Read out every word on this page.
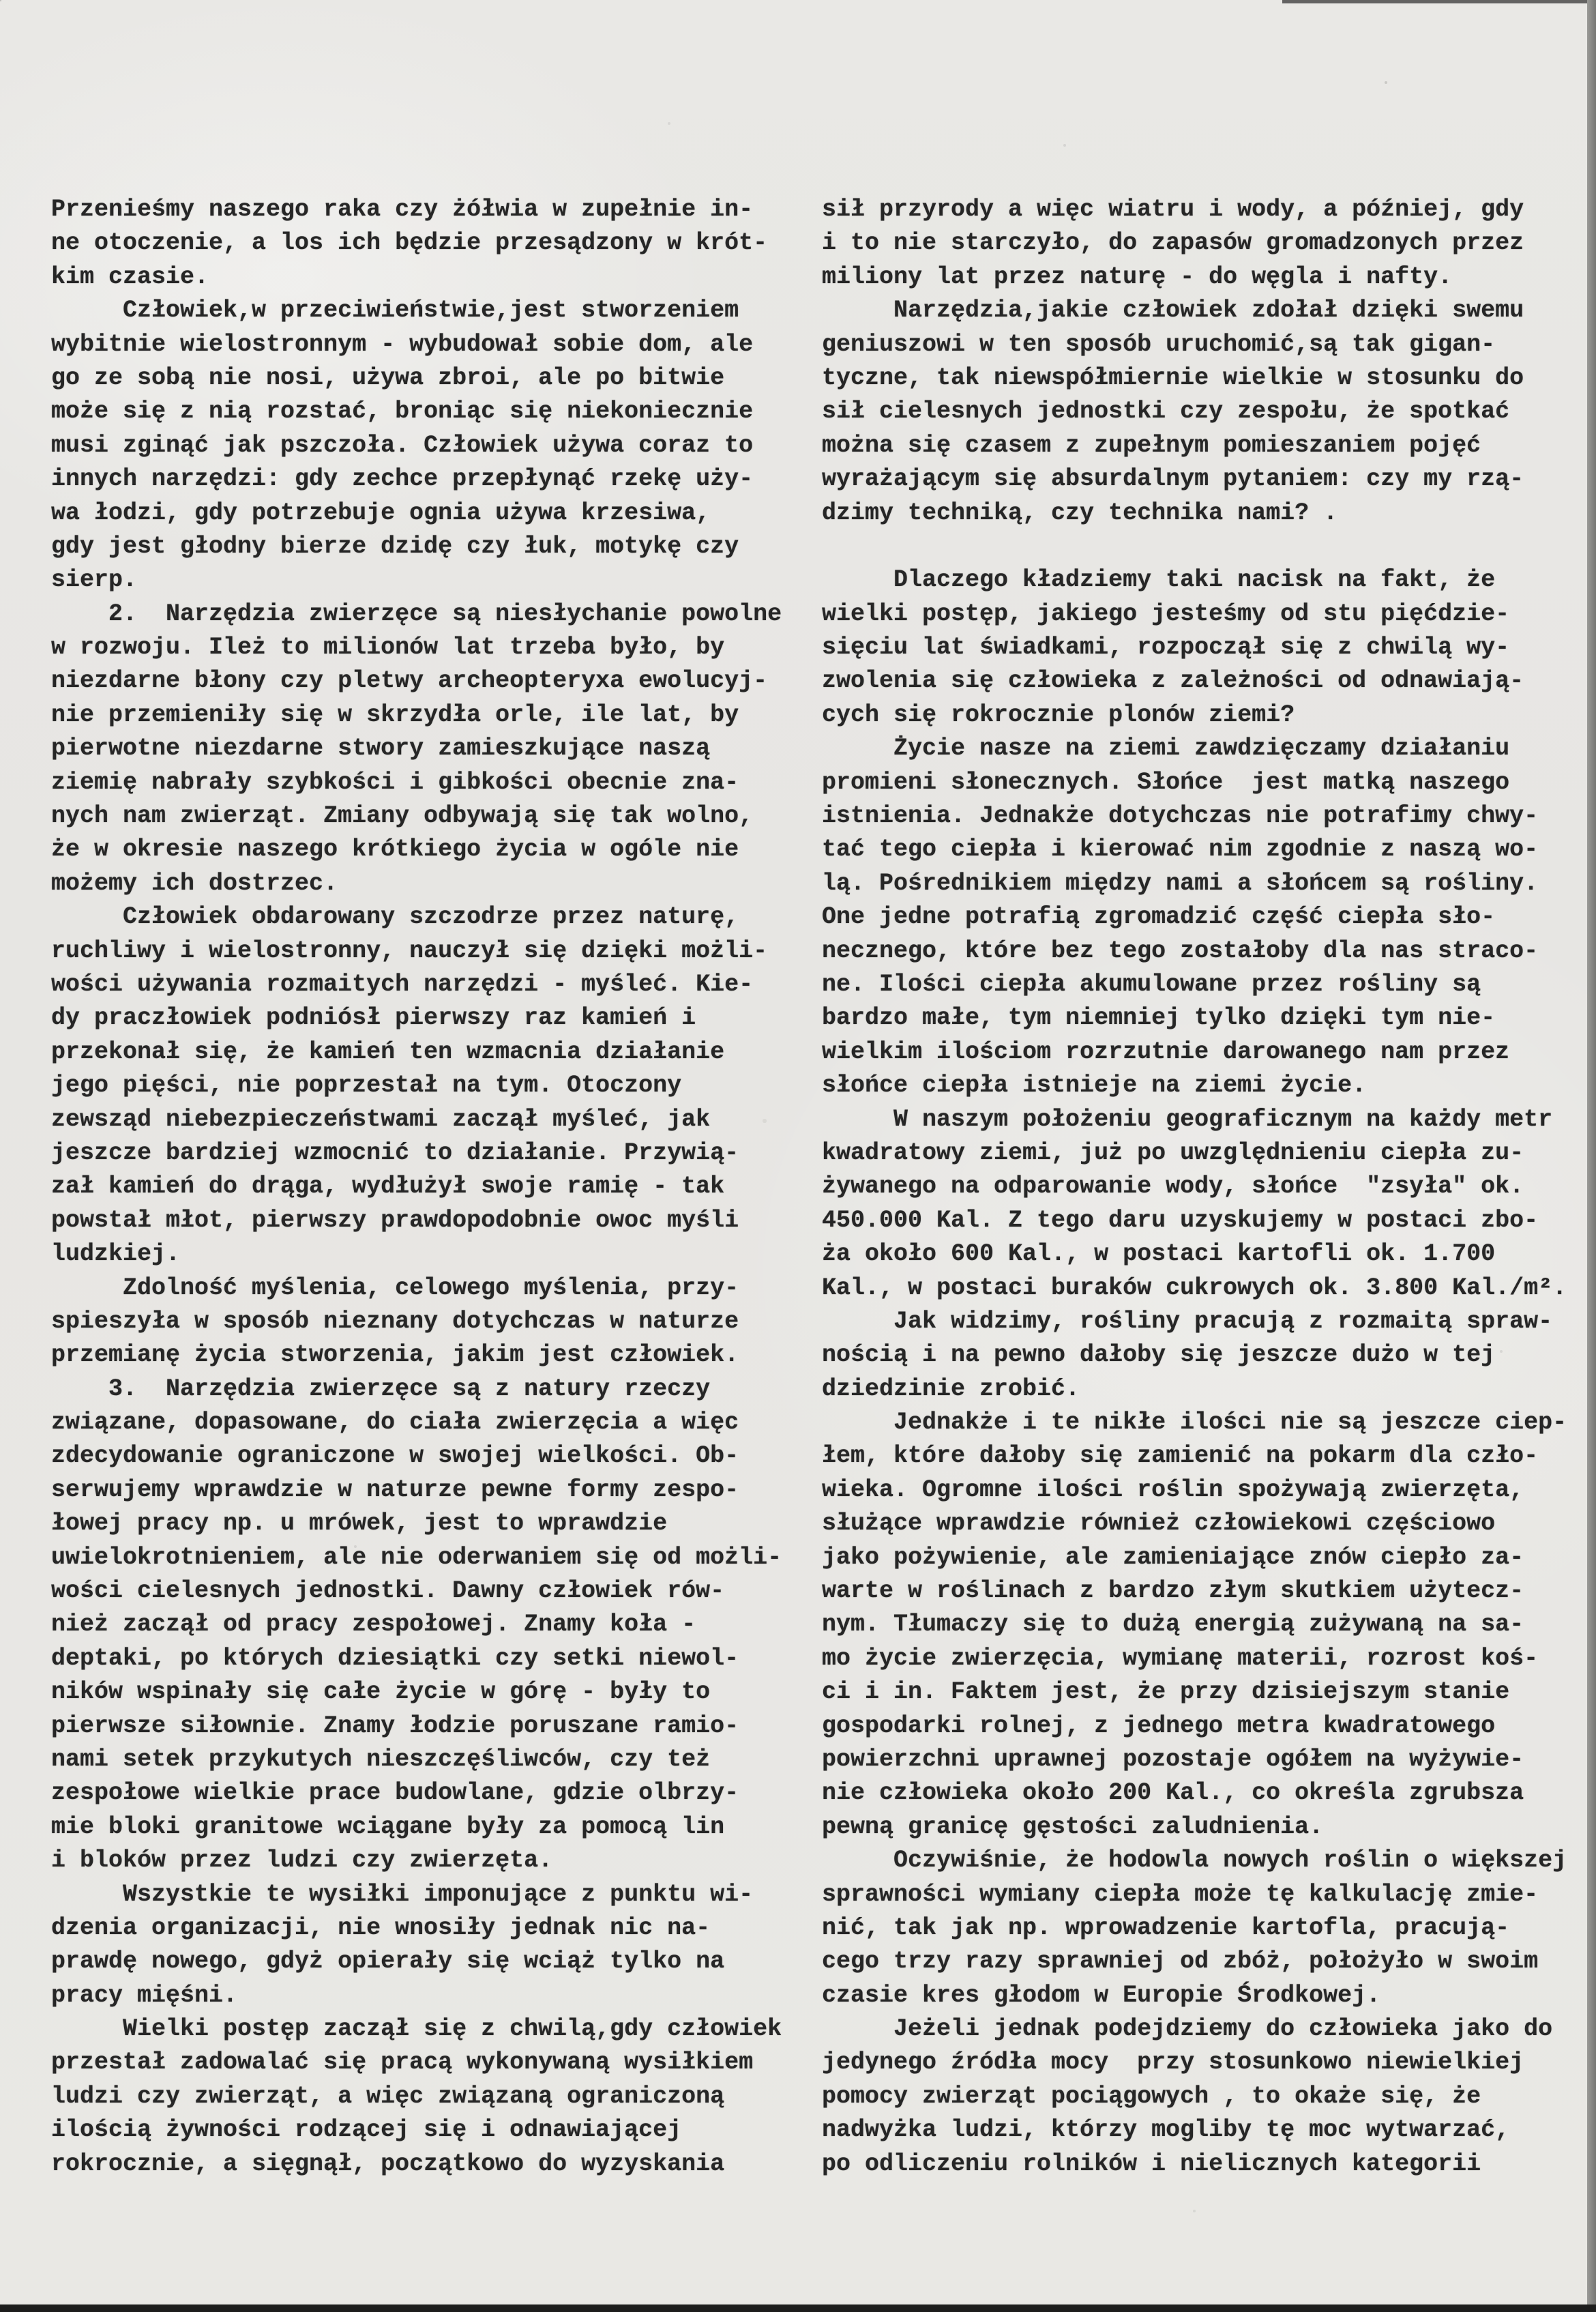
Przenieśmy naszego raka czy żółwia w zupełnie in-
ne otoczenie, a los ich będzie przesądzony w krót-
kim czasie.
Człowiek,w przeciwieństwie,jest stworzeniem
wybitnie wielostronnym - wybudował sobie dom, ale
go ze sobą nie nosi, używa zbroi, ale po bitwie
może się z nią rozstać, broniąc się niekoniecznie
musi zginąć jak pszczoła. Człowiek używa coraz to
innych narzędzi: gdy zechce przepłynąć rzekę uży-
wa łodzi, gdy potrzebuje ognia używa krzesiwa,
gdy jest głodny bierze dzidę czy łuk, motykę czy
sierp.
2.  Narzędzia zwierzęce są niesłychanie powolne
w rozwoju. Ileż to milionów lat trzeba było, by
niezdarne błony czy pletwy archeopteryxa ewolucyj-
nie przemieniły się w skrzydła orle, ile lat, by
pierwotne niezdarne stwory zamieszkujące naszą
ziemię nabrały szybkości i gibkości obecnie zna-
nych nam zwierząt. Zmiany odbywają się tak wolno,
że w okresie naszego krótkiego życia w ogóle nie
możemy ich dostrzec.
Człowiek obdarowany szczodrze przez naturę,
ruchliwy i wielostronny, nauczył się dzięki możli-
wości używania rozmaitych narzędzi - myśleć. Kie-
dy praczłowiek podniósł pierwszy raz kamień i
przekonał się, że kamień ten wzmacnia działanie
jego pięści, nie poprzestał na tym. Otoczony
zewsząd niebezpieczeństwami zaczął myśleć, jak
jeszcze bardziej wzmocnić to działanie. Przywią-
zał kamień do drąga, wydłużył swoje ramię - tak
powstał młot, pierwszy prawdopodobnie owoc myśli
ludzkiej.
Zdolność myślenia, celowego myślenia, przy-
spieszyła w sposób nieznany dotychczas w naturze
przemianę życia stworzenia, jakim jest człowiek.
3.  Narzędzia zwierzęce są z natury rzeczy
związane, dopasowane, do ciała zwierzęcia a więc
zdecydowanie ograniczone w swojej wielkości. Ob-
serwujemy wprawdzie w naturze pewne formy zespo-
łowej pracy np. u mrówek, jest to wprawdzie
uwielokrotnieniem, ale nie oderwaniem się od możli-
wości cielesnych jednostki. Dawny człowiek rów-
nież zaczął od pracy zespołowej. Znamy koła -
deptaki, po których dziesiątki czy setki niewol-
ników wspinały się całe życie w górę - były to
pierwsze siłownie. Znamy łodzie poruszane ramio-
nami setek przykutych nieszczęśliwców, czy też
zespołowe wielkie prace budowlane, gdzie olbrzy-
mie bloki granitowe wciągane były za pomocą lin
i bloków przez ludzi czy zwierzęta.
Wszystkie te wysiłki imponujące z punktu wi-
dzenia organizacji, nie wnosiły jednak nic na-
prawdę nowego, gdyż opierały się wciąż tylko na
pracy mięśni.
Wielki postęp zaczął się z chwilą,gdy człowiek
przestał zadowalać się pracą wykonywaną wysiłkiem
ludzi czy zwierząt, a więc związaną ograniczoną
ilością żywności rodzącej się i odnawiającej
rokrocznie, a sięgnął, początkowo do wyzyskania
sił przyrody a więc wiatru i wody, a później, gdy
i to nie starczyło, do zapasów gromadzonych przez
miliony lat przez naturę - do węgla i nafty.
Narzędzia,jakie człowiek zdołał dzięki swemu
geniuszowi w ten sposób uruchomić,są tak gigan-
tyczne, tak niewspółmiernie wielkie w stosunku do
sił cielesnych jednostki czy zespołu, że spotkać
można się czasem z zupełnym pomieszaniem pojęć
wyrażającym się absurdalnym pytaniem: czy my rzą-
dzimy techniką, czy technika nami? .

Dlaczego kładziemy taki nacisk na fakt, że
wielki postęp, jakiego jesteśmy od stu pięćdzie-
sięciu lat świadkami, rozpoczął się z chwilą wy-
zwolenia się człowieka z zależności od odnawiają-
cych się rokrocznie plonów ziemi?
Życie nasze na ziemi zawdzięczamy działaniu
promieni słonecznych. Słońce  jest matką naszego
istnienia. Jednakże dotychczas nie potrafimy chwy-
tać tego ciepła i kierować nim zgodnie z naszą wo-
lą. Pośrednikiem między nami a słońcem są rośliny.
One jedne potrafią zgromadzić część ciepła sło-
necznego, które bez tego zostałoby dla nas straco-
ne. Ilości ciepła akumulowane przez rośliny są
bardzo małe, tym niemniej tylko dzięki tym nie-
wielkim ilościom rozrzutnie darowanego nam przez
słońce ciepła istnieje na ziemi życie.
W naszym położeniu geograficznym na każdy metr
kwadratowy ziemi, już po uwzględnieniu ciepła zu-
żywanego na odparowanie wody, słońce  "zsyła" ok.
450.000 Kal. Z tego daru uzyskujemy w postaci zbo-
ża około 600 Kal., w postaci kartofli ok. 1.700
Kal., w postaci buraków cukrowych ok. 3.800 Kal./m².
Jak widzimy, rośliny pracują z rozmaitą spraw-
nością i na pewno dałoby się jeszcze dużo w tej
dziedzinie zrobić.
Jednakże i te nikłe ilości nie są jeszcze ciep-
łem, które dałoby się zamienić na pokarm dla czło-
wieka. Ogromne ilości roślin spożywają zwierzęta,
służące wprawdzie również człowiekowi częściowo
jako pożywienie, ale zamieniające znów ciepło za-
warte w roślinach z bardzo złym skutkiem użytecz-
nym. Tłumaczy się to dużą energią zużywaną na sa-
mo życie zwierzęcia, wymianę materii, rozrost koś-
ci i in. Faktem jest, że przy dzisiejszym stanie
gospodarki rolnej, z jednego metra kwadratowego
powierzchni uprawnej pozostaje ogółem na wyżywie-
nie człowieka około 200 Kal., co określa zgrubsza
pewną granicę gęstości zaludnienia.
Oczywiśnie, że hodowla nowych roślin o większej
sprawności wymiany ciepła może tę kalkulację zmie-
nić, tak jak np. wprowadzenie kartofla, pracują-
cego trzy razy sprawniej od zbóż, położyło w swoim
czasie kres głodom w Europie Środkowej.
Jeżeli jednak podejdziemy do człowieka jako do
jedynego źródła mocy  przy stosunkowo niewielkiej
pomocy zwierząt pociągowych , to okaże się, że
nadwyżka ludzi, którzy mogliby tę moc wytwarzać,
po odliczeniu rolników i nielicznych kategorii
